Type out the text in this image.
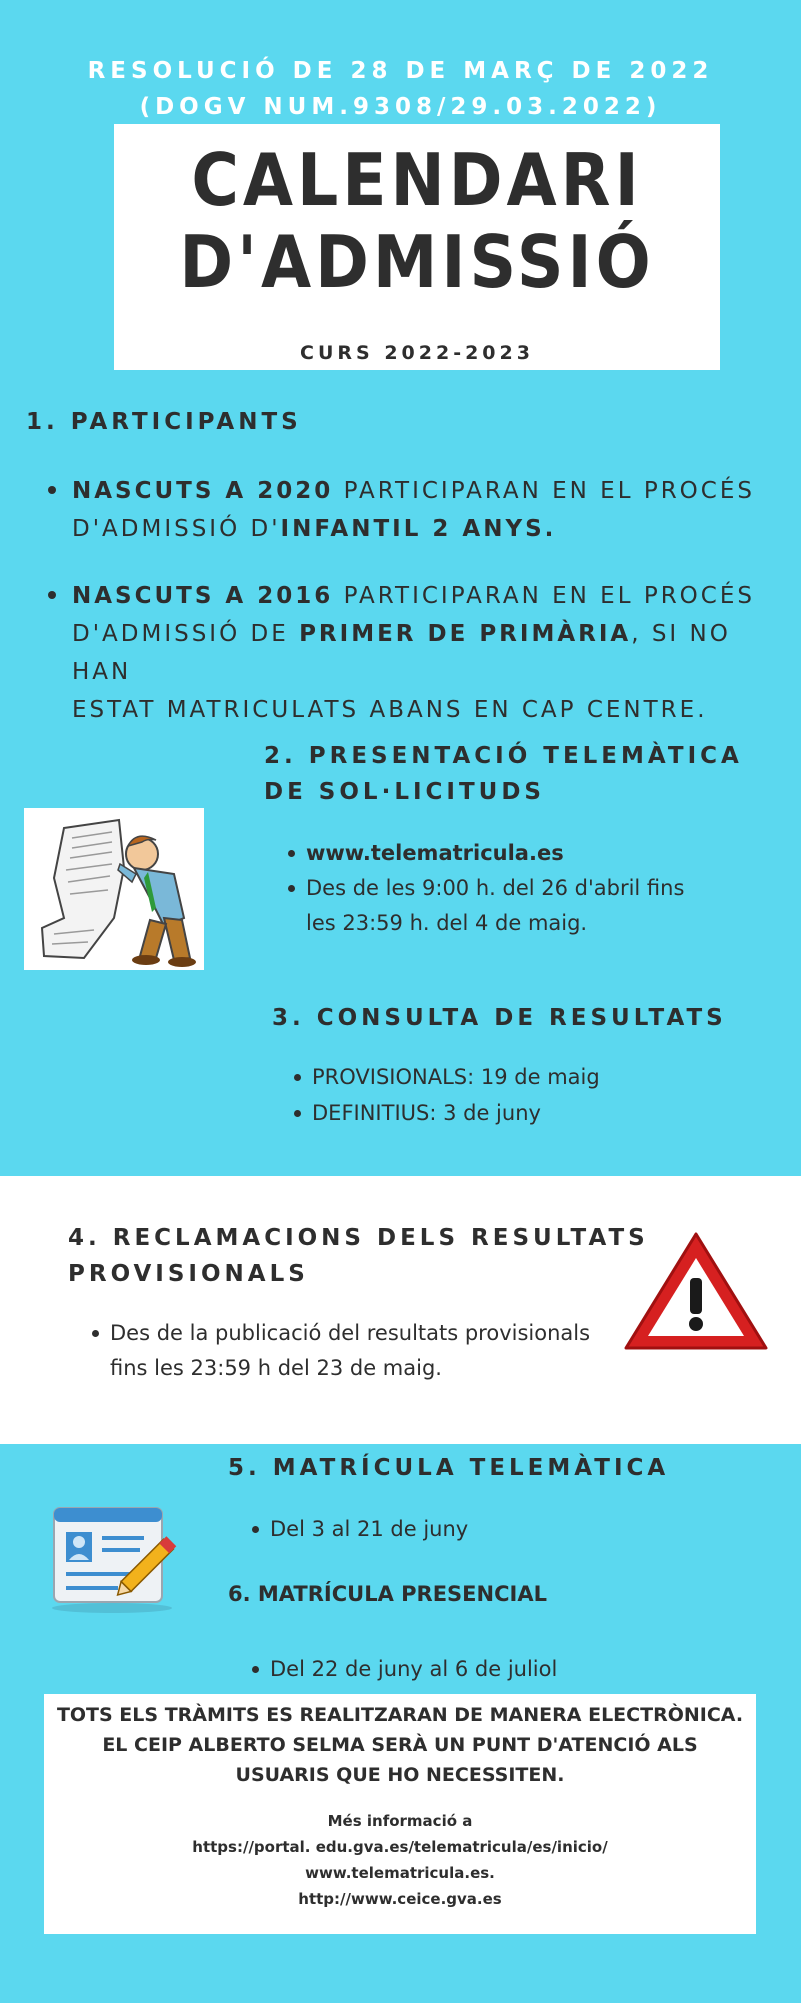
RESOLUCIÓ DE 28 DE MARÇ DE 2022
(DOGV NUM.9308/29.03.2022)
CALENDARI
D'ADMISSIÓ
CURS 2022-2023
1. PARTICIPANTS
NASCUTS A 2020 PARTICIPARAN EN EL PROCÉS
D'ADMISSIÓ D'INFANTIL 2 ANYS.
NASCUTS A 2016 PARTICIPARAN EN EL PROCÉS
D'ADMISSIÓ DE PRIMER DE PRIMÀRIA, SI NO HAN
ESTAT MATRICULATS ABANS EN CAP CENTRE.
2. PRESENTACIÓ TELEMÀTICA
DE SOL·LICITUDS
www.telematricula.es
Des de les 9:00 h. del 26 d'abril fins
les 23:59 h. del 4 de maig.
3. CONSULTA DE RESULTATS
PROVISIONALS: 19 de maig
DEFINITIUS: 3 de juny
4. RECLAMACIONS DELS RESULTATS
PROVISIONALS
Des de la publicació del resultats provisionals
fins les 23:59 h del 23 de maig.
5. MATRÍCULA TELEMÀTICA
Del 3 al 21 de juny
6. MATRÍCULA PRESENCIAL
Del 22 de juny al 6 de juliol
TOTS ELS TRÀMITS ES REALITZARAN DE MANERA ELECTRÒNICA.
EL CEIP ALBERTO SELMA SERÀ UN PUNT D'ATENCIÓ ALS
USUARIS QUE HO NECESSITEN.
Més informació a
https://portal. edu.gva.es/telematricula/es/inicio/
www.telematricula.es.
http://www.ceice.gva.es
